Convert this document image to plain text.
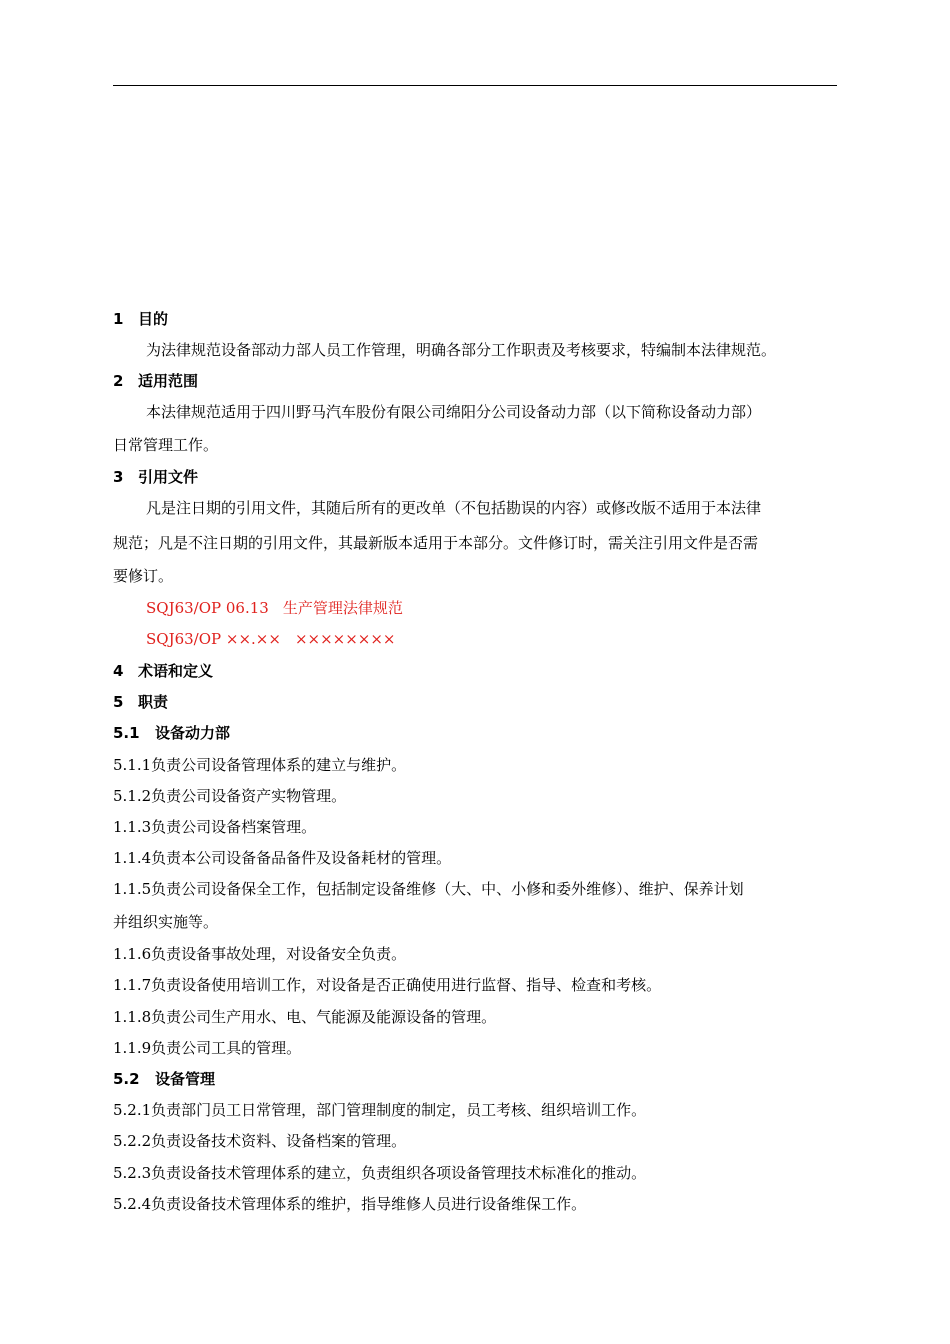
1 目的
为法律规范设备部动力部人员工作管理，明确各部分工作职责及考核要求，特编制本法律规范。
2 适用范围
本法律规范适用于四川野马汽车股份有限公司绵阳分公司设备动力部（以下简称设备动力部）
日常管理工作。
3 引用文件
凡是注日期的引用文件，其随后所有的更改单（不包括勘误的内容）或修改版不适用于本法律
规范；凡是不注日期的引用文件，其最新版本适用于本部分。文件修订时，需关注引用文件是否需
要修订。
SQJ63/OP 06.13 生产管理法律规范
SQJ63/OP ××.×× ××××××××
4 术语和定义
5 职责
5.1 设备动力部
5.1.1负责公司设备管理体系的建立与维护。
5.1.2负责公司设备资产实物管理。
1.1.3负责公司设备档案管理。
1.1.4负责本公司设备备品备件及设备耗材的管理。
1.1.5负责公司设备保全工作，包括制定设备维修（大、中、小修和委外维修）、维护、保养计划
并组织实施等。
1.1.6负责设备事故处理，对设备安全负责。
1.1.7负责设备使用培训工作，对设备是否正确使用进行监督、指导、检查和考核。
1.1.8负责公司生产用水、电、气能源及能源设备的管理。
1.1.9负责公司工具的管理。
5.2 设备管理
5.2.1负责部门员工日常管理，部门管理制度的制定，员工考核、组织培训工作。
5.2.2负责设备技术资料、设备档案的管理。
5.2.3负责设备技术管理体系的建立，负责组织各项设备管理技术标准化的推动。
5.2.4负责设备技术管理体系的维护，指导维修人员进行设备维保工作。
